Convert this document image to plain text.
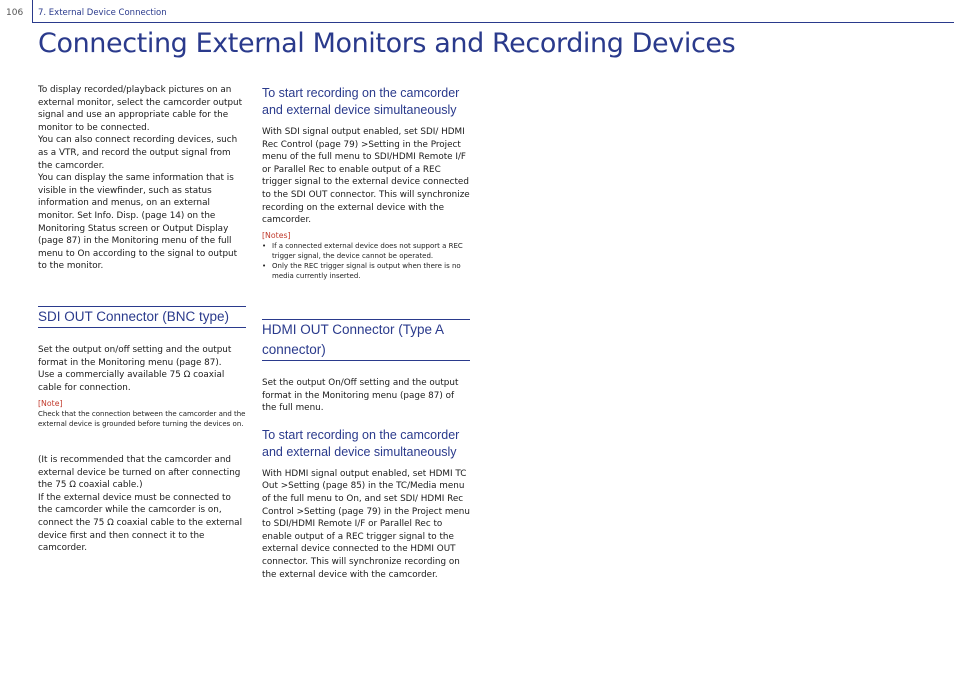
106 7. External Device Connection
Connecting External Monitors and Recording Devices

To display recorded/playback pictures on an external monitor, select the camcorder output signal and use an appropriate cable for the monitor to be connected.

You can also connect recording devices, such as a VTR, and record the output signal from the camcorder.

You can display the same information that is visible in the viewfinder, such as status information and menus, on an external monitor. Set Info. Disp. (page 14) on the Monitoring Status screen or Output Display (page 87) in the Monitoring menu of the full menu to On according to the signal to output to the monitor.

SDI OUT Connector (BNC type)

Set the output on/off setting and the output format in the Monitoring menu (page 87).

Use a commercially available 75 Ω coaxial cable for connection.

[Note]

Check that the connection between the camcorder and the external device is grounded before turning the devices on.

(It is recommended that the camcorder and external device be turned on after connecting the 75 Ω coaxial cable.)

If the external device must be connected to the camcorder while the camcorder is on, connect the 75 Ω coaxial cable to the external device first and then connect it to the camcorder.

To start recording on the camcorder and external device simultaneously

With SDI signal output enabled, set SDI/ HDMI Rec Control (page 79) >Setting in the Project menu of the full menu to SDI/HDMI Remote I/F or Parallel Rec to enable output of a REC trigger signal to the external device connected to the SDI OUT connector. This will synchronize recording on the external device with the camcorder.

[Notes]

• If a connected external device does not support a REC trigger signal, the device cannot be operated.
• Only the REC trigger signal is output when there is no media currently inserted.
HDMI OUT Connector (Type A connector)

Set the output On/Off setting and the output format in the Monitoring menu (page 87) of the full menu.

To start recording on the camcorder and external device simultaneously

With HDMI signal output enabled, set HDMI TC Out >Setting (page 85) in the TC/Media menu of the full menu to On, and set SDI/ HDMI Rec Control >Setting (page 79) in the Project menu to SDI/HDMI Remote I/F or Parallel Rec to enable output of a REC trigger signal to the external device connected to the HDMI OUT connector. This will synchronize recording on the external device with the camcorder.
